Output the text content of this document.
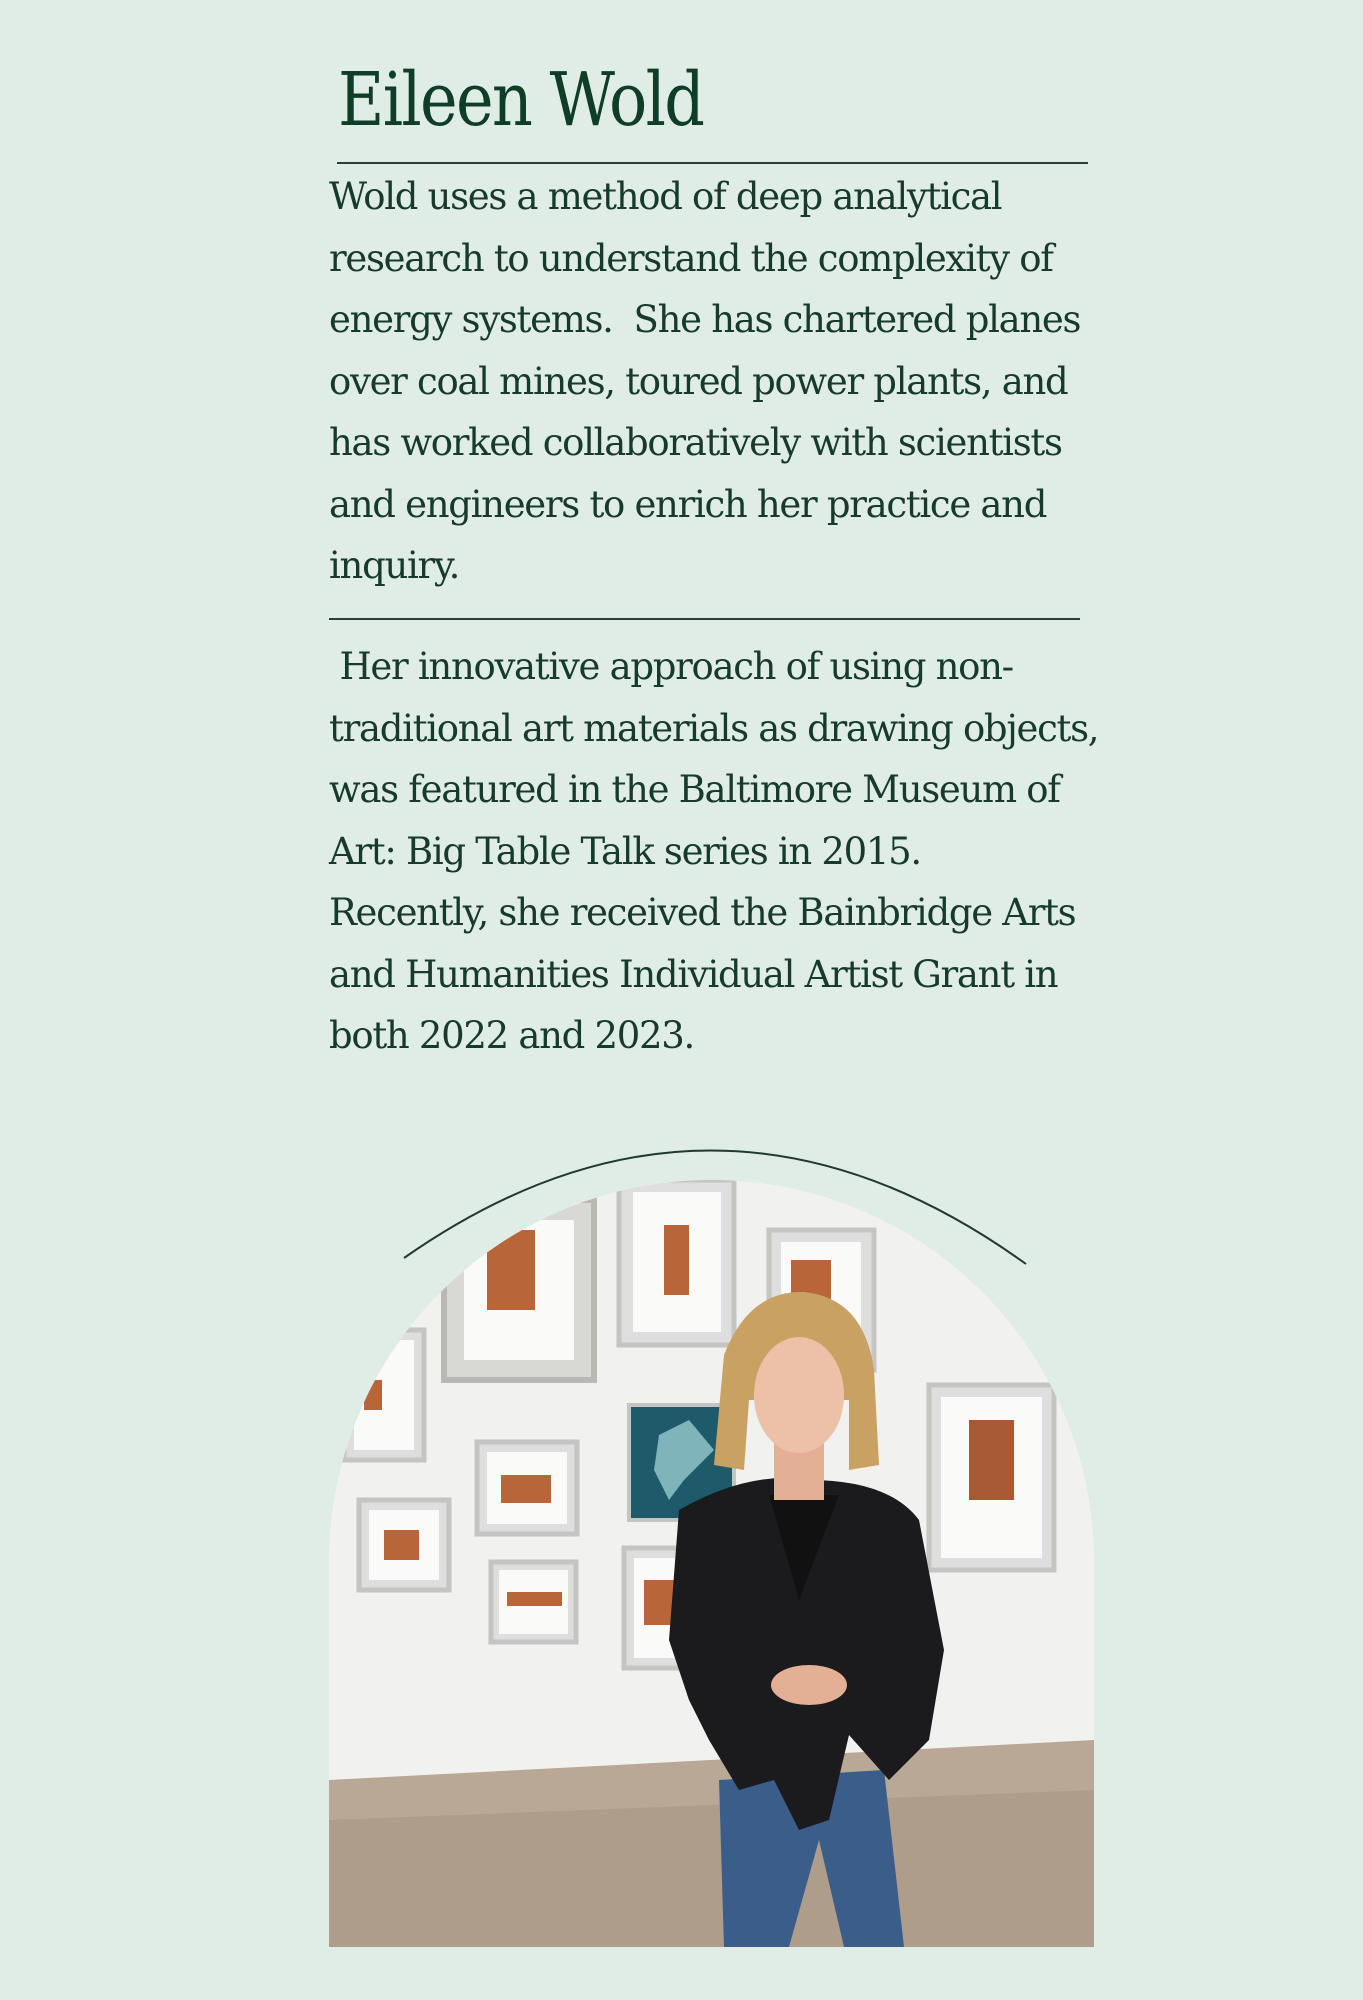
Eileen Wold

Wold uses a method of deep analytical research to understand the complexity of energy systems.  She has chartered planes over coal mines, toured power plants, and has worked collaboratively with scientists and engineers to enrich her practice and inquiry.

Her innovative approach of using non-traditional art materials as drawing objects, was featured in the Baltimore Museum of Art: Big Table Talk series in 2015.  Recently, she received the Bainbridge Arts and Humanities Individual Artist Grant in both 2022 and 2023.
